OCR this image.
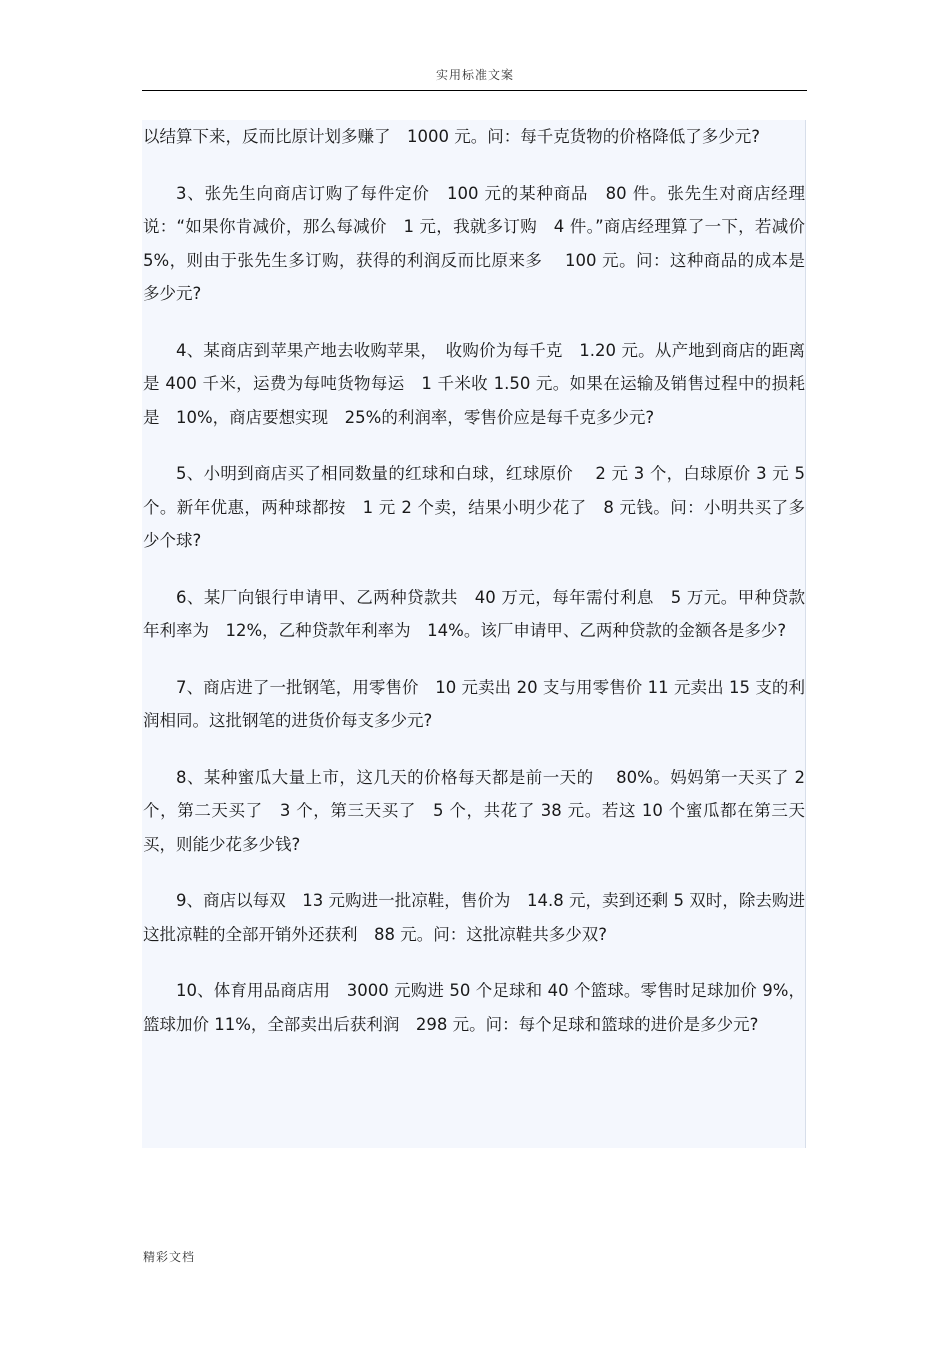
实用标准文案

以结算下来，反而比原计划多赚了　1000 元。问：每千克货物的价格降低了多少元?

3、张先生向商店订购了每件定价　100 元的某种商品　80 件。张先生对商店经理说：“如果你肯减价，那么每减价　1 元，我就多订购　4 件。”商店经理算了一下，若减价 5%，则由于张先生多订购，获得的利润反而比原来多　 100 元。问：这种商品的成本是多少元?

4、某商店到苹果产地去收购苹果，　收购价为每千克　1.20 元。从产地到商店的距离是 400 千米，运费为每吨货物每运　1 千米收 1.50 元。如果在运输及销售过程中的损耗是　10%，商店要想实现　25%的利润率，零售价应是每千克多少元?

5、小明到商店买了相同数量的红球和白球，红球原价　 2 元 3 个，白球原价 3 元 5 个。新年优惠，两种球都按　1 元 2 个卖，结果小明少花了　8 元钱。问：小明共买了多少个球?

6、某厂向银行申请甲、乙两种贷款共　40 万元，每年需付利息　5 万元。甲种贷款年利率为　12%，乙种贷款年利率为　14%。该厂申请甲、乙两种贷款的金额各是多少?

7、商店进了一批钢笔，用零售价　10 元卖出 20 支与用零售价 11 元卖出 15 支的利润相同。这批钢笔的进货价每支多少元?

8、某种蜜瓜大量上市，这几天的价格每天都是前一天的　 80%。妈妈第一天买了 2 个，第二天买了　3 个，第三天买了　5 个，共花了 38 元。若这 10 个蜜瓜都在第三天买，则能少花多少钱?

9、商店以每双　13 元购进一批凉鞋，售价为　14.8 元，卖到还剩 5 双时，除去购进这批凉鞋的全部开销外还获利　88 元。问：这批凉鞋共多少双?

10、体育用品商店用　3000 元购进 50 个足球和 40 个篮球。零售时足球加价 9%，篮球加价 11%，全部卖出后获利润　298 元。问：每个足球和篮球的进价是多少元?

精彩文档
